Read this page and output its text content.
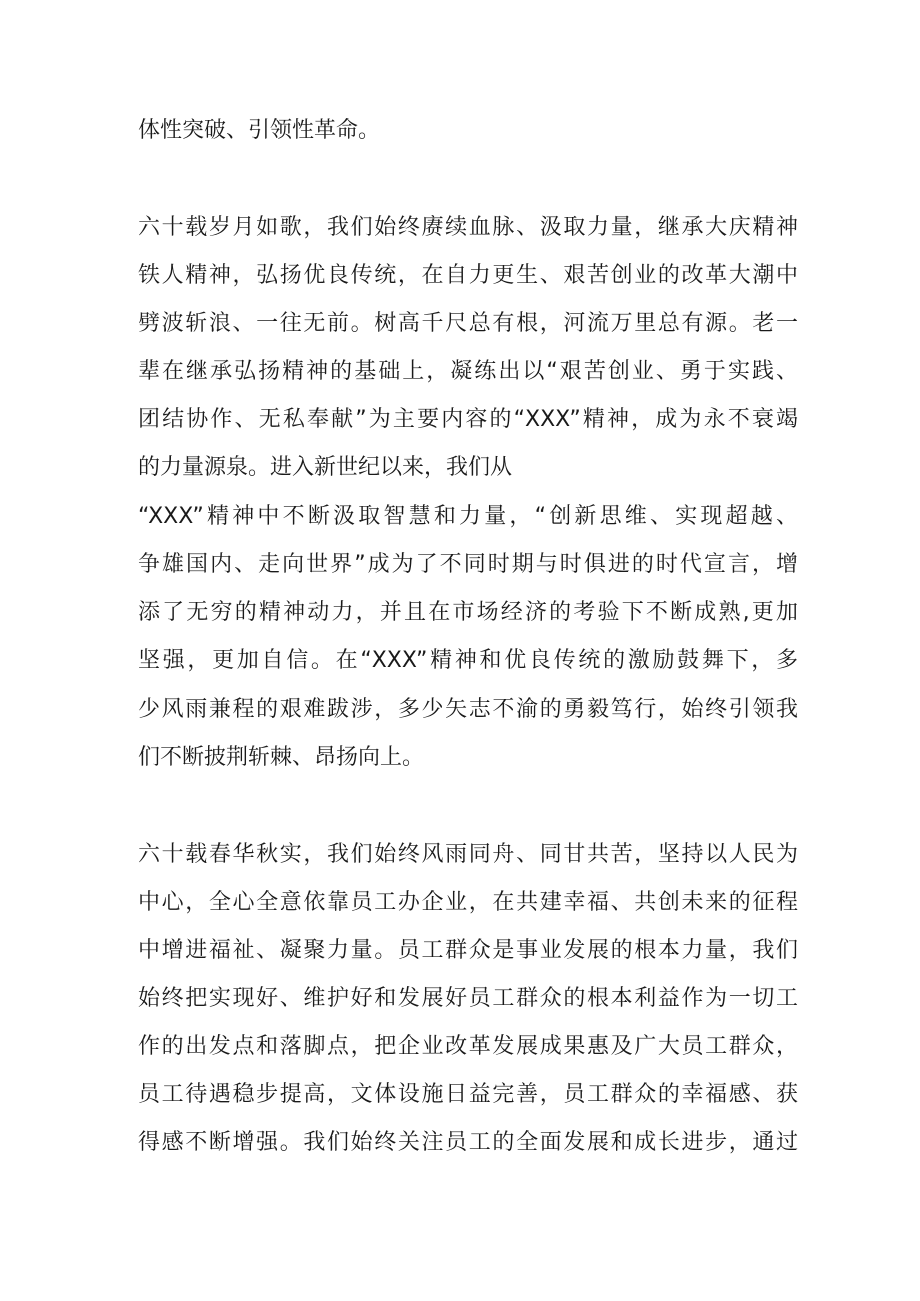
体性突破、引领性革命。
六十载岁月如歌，我们始终赓续血脉、汲取力量，继承大庆精神
铁人精神，弘扬优良传统，在自力更生、艰苦创业的改革大潮中
劈波斩浪、一往无前。树高千尺总有根，河流万里总有源。老一
辈在继承弘扬精神的基础上，凝练出以“艰苦创业、勇于实践、
团结协作、无私奉献”为主要内容的“XXX”精神，成为永不衰竭
的力量源泉。进入新世纪以来，我们从
“XXX”精神中不断汲取智慧和力量，“创新思维、实现超越、
争雄国内、走向世界”成为了不同时期与时俱进的时代宣言，增
添了无穷的精神动力，并且在市场经济的考验下不断成熟,更加
坚强，更加自信。在“XXX”精神和优良传统的激励鼓舞下，多
少风雨兼程的艰难跋涉，多少矢志不渝的勇毅笃行，始终引领我
们不断披荆斩棘、昂扬向上。
六十载春华秋实，我们始终风雨同舟、同甘共苦，坚持以人民为
中心，全心全意依靠员工办企业，在共建幸福、共创未来的征程
中增进福祉、凝聚力量。员工群众是事业发展的根本力量，我们
始终把实现好、维护好和发展好员工群众的根本利益作为一切工
作的出发点和落脚点，把企业改革发展成果惠及广大员工群众，
员工待遇稳步提高，文体设施日益完善，员工群众的幸福感、获
得感不断增强。我们始终关注员工的全面发展和成长进步，通过
